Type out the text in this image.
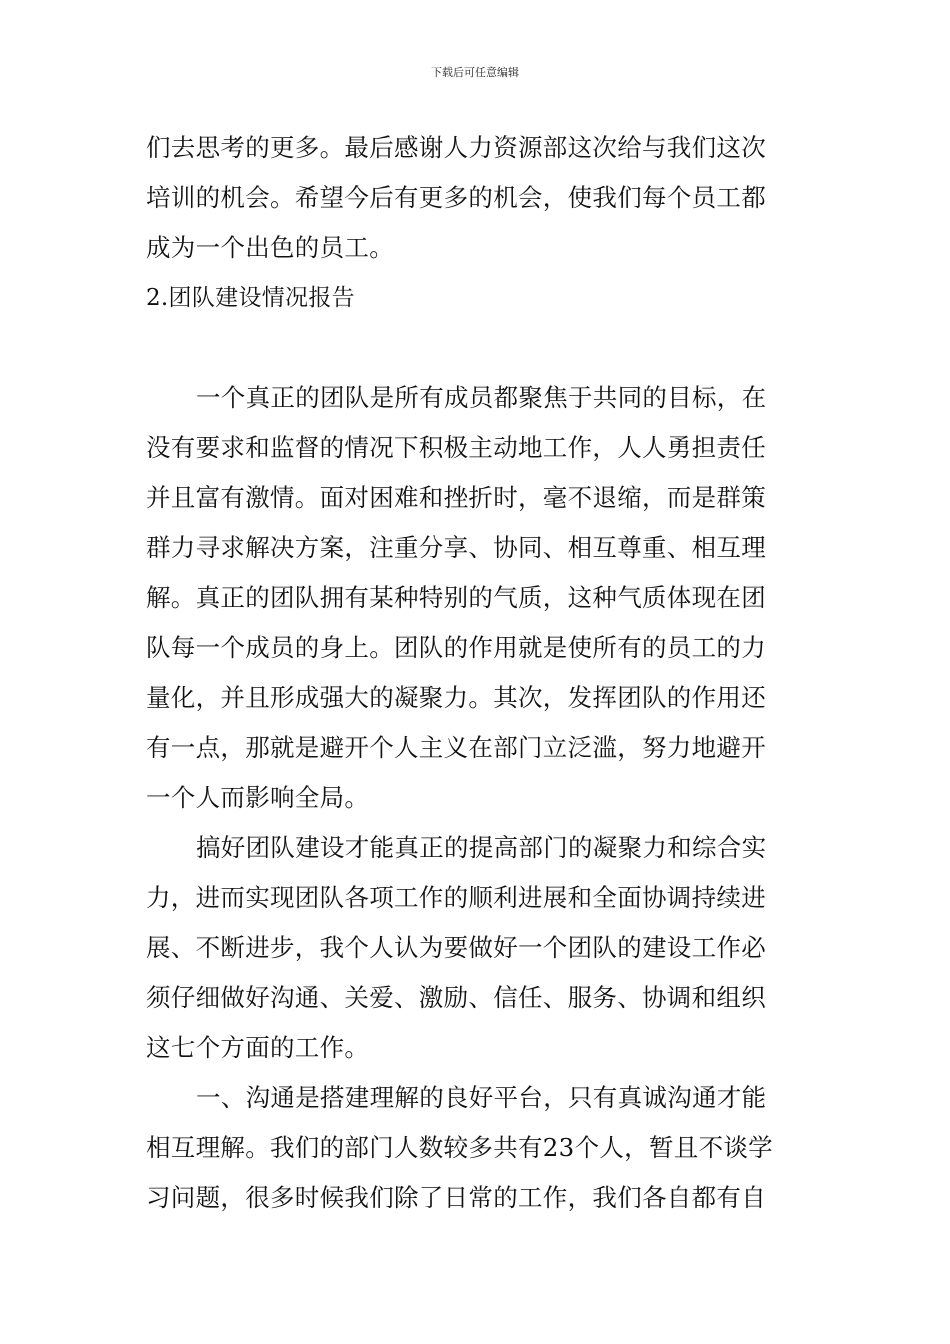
下载后可任意编辑
们去思考的更多。最后感谢人力资源部这次给与我们这次
培训的机会。希望今后有更多的机会，使我们每个员工都
成为一个出色的员工。
2.团队建设情况报告
一个真正的团队是所有成员都聚焦于共同的目标，在
没有要求和监督的情况下积极主动地工作，人人勇担责任
并且富有激情。面对困难和挫折时，毫不退缩，而是群策
群力寻求解决方案，注重分享、协同、相互尊重、相互理
解。真正的团队拥有某种特别的气质，这种气质体现在团
队每一个成员的身上。团队的作用就是使所有的员工的力
量化，并且形成强大的凝聚力。其次，发挥团队的作用还
有一点，那就是避开个人主义在部门立泛滥，努力地避开
一个人而影响全局。
搞好团队建设才能真正的提高部门的凝聚力和综合实
力，进而实现团队各项工作的顺利进展和全面协调持续进
展、不断进步，我个人认为要做好一个团队的建设工作必
须仔细做好沟通、关爱、激励、信任、服务、协调和组织
这七个方面的工作。
一、沟通是搭建理解的良好平台，只有真诚沟通才能
相互理解。我们的部门人数较多共有23个人，暂且不谈学
习问题，很多时候我们除了日常的工作，我们各自都有自
